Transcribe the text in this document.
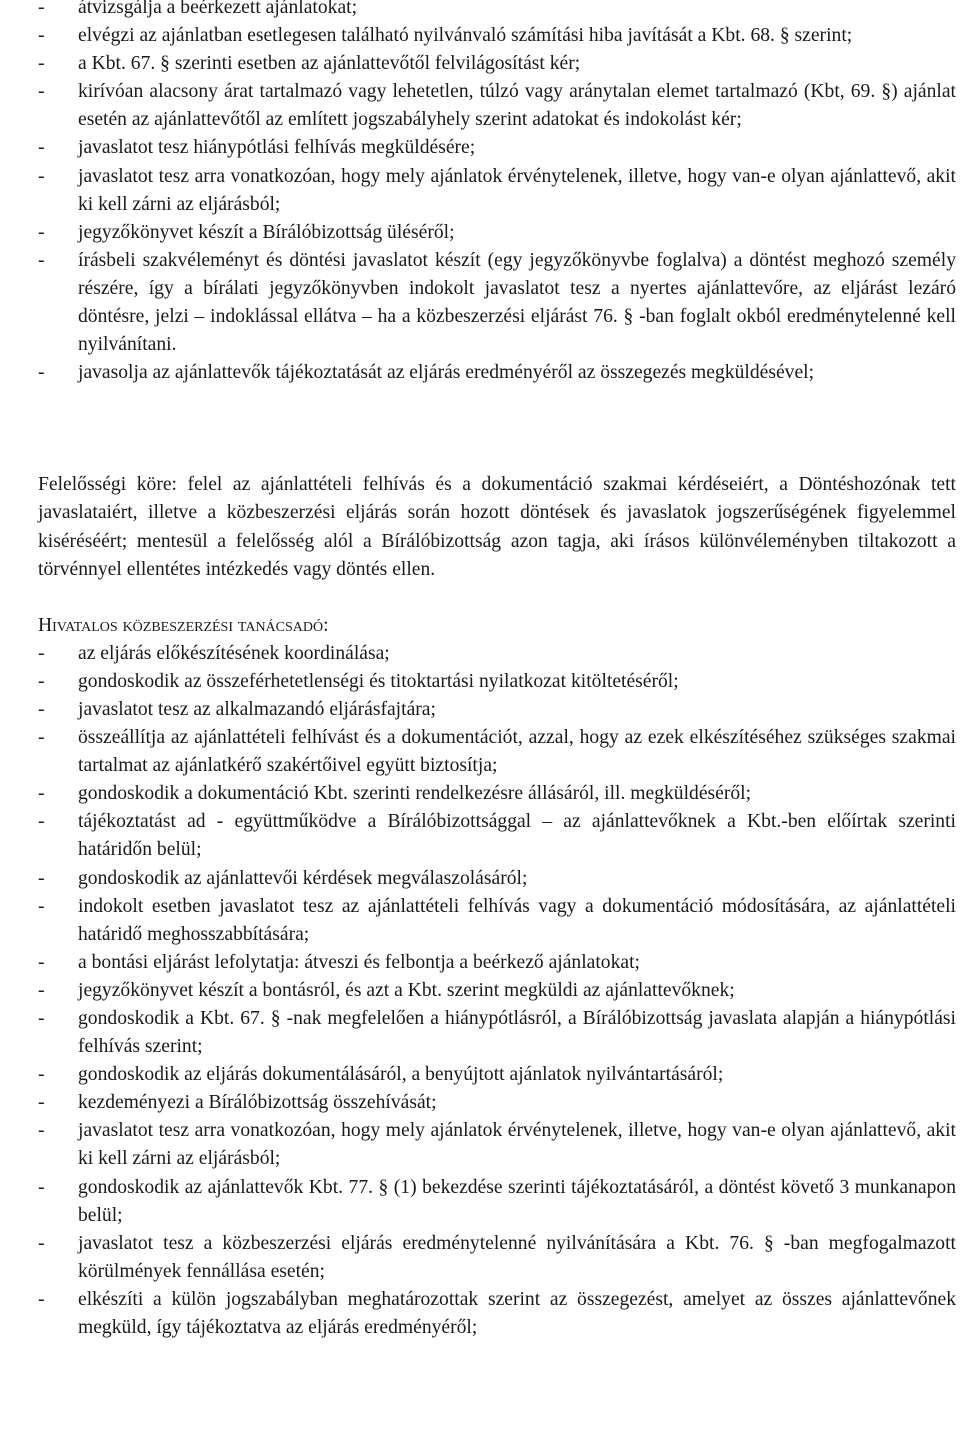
- átvizsgálja a beérkezett ajánlatokat;
- elvégzi az ajánlatban esetlegesen található nyilvánvaló számítási hiba javítását a Kbt. 68. § szerint;
- a Kbt. 67. § szerinti esetben az ajánlattevőtől felvilágosítást kér;
- kirívóan alacsony árat tartalmazó vagy lehetetlen, túlzó vagy aránytalan elemet tartalmazó (Kbt, 69. §) ajánlat esetén az ajánlattevőtől az említett jogszabályhely szerint adatokat és indokolást kér;
- javaslatot tesz hiánypótlási felhívás megküldésére;
- javaslatot tesz arra vonatkozóan, hogy mely ajánlatok érvénytelenek, illetve, hogy van-e olyan ajánlattevő, akit ki kell zárni az eljárásból;
- jegyzőkönyvet készít a Bírálóbizottság üléséről;
- írásbeli szakvéleményt és döntési javaslatot készít (egy jegyzőkönyvbe foglalva) a döntést meghozó személy részére, így a bírálati jegyzőkönyvben indokolt javaslatot tesz a nyertes ajánlattevőre, az eljárást lezáró döntésre, jelzi – indoklással ellátva – ha a közbeszerzési eljárást 76. § -ban foglalt okból eredménytelenné kell nyilvánítani.
- javasolja az ajánlattevők tájékoztatását az eljárás eredményéről az összegezés megküldésével;

Felelősségi köre: felel az ajánlattételi felhívás és a dokumentáció szakmai kérdéseiért, a Döntéshozónak tett javaslataiért, illetve a közbeszerzési eljárás során hozott döntések és javaslatok jogszerűségének figyelemmel kiséréséért; mentesül a felelősség alól a Bírálóbizottság azon tagja, aki írásos különvéleményben tiltakozott a törvénnyel ellentétes intézkedés vagy döntés ellen.

Hivatalos közbeszerzési tanácsadó:

- az eljárás előkészítésének koordinálása;
- gondoskodik az összeférhetetlenségi és titoktartási nyilatkozat kitöltetéséről;
- javaslatot tesz az alkalmazandó eljárásfajtára;
- összeállítja az ajánlattételi felhívást és a dokumentációt, azzal, hogy az ezek elkészítéséhez szükséges szakmai tartalmat az ajánlatkérő szakértőivel együtt biztosítja;
- gondoskodik a dokumentáció Kbt. szerinti rendelkezésre állásáról, ill. megküldéséről;
- tájékoztatást ad - együttműködve a Bírálóbizottsággal – az ajánlattevőknek a Kbt.-ben előírtak szerinti határidőn belül;
- gondoskodik az ajánlattevői kérdések megválaszolásáról;
- indokolt esetben javaslatot tesz az ajánlattételi felhívás vagy a dokumentáció módosítására, az ajánlattételi határidő meghosszabbítására;
- a bontási eljárást lefolytatja: átveszi és felbontja a beérkező ajánlatokat;
- jegyzőkönyvet készít a bontásról, és azt a Kbt. szerint megküldi az ajánlattevőknek;
- gondoskodik a Kbt. 67. § -nak megfelelően a hiánypótlásról, a Bírálóbizottság javaslata alapján a hiánypótlási felhívás szerint;
- gondoskodik az eljárás dokumentálásáról, a benyújtott ajánlatok nyilvántartásáról;
- kezdeményezi a Bírálóbizottság összehívását;
- javaslatot tesz arra vonatkozóan, hogy mely ajánlatok érvénytelenek, illetve, hogy van-e olyan ajánlattevő, akit ki kell zárni az eljárásból;
- gondoskodik az ajánlattevők Kbt. 77. § (1) bekezdése szerinti tájékoztatásáról, a döntést követő 3 munkanapon belül;
- javaslatot tesz a közbeszerzési eljárás eredménytelenné nyilvánítására a Kbt. 76. § -ban megfogalmazott körülmények fennállása esetén;
- elkészíti a külön jogszabályban meghatározottak szerint az összegezést, amelyet az összes ajánlattevőnek megküld, így tájékoztatva az eljárás eredményéről;
